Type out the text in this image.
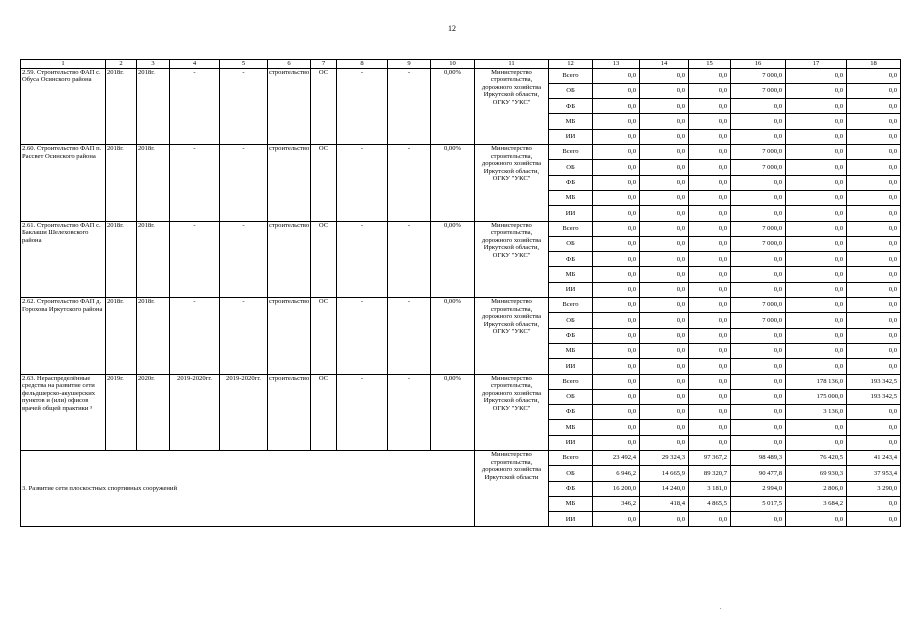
12
1	2	3	4	5	6	7	8	9	10	11	12	13	14	15	16	17	18
2.59. Строительство ФАП с. Обуса Осинского района	2018г.	2018г.	-	-	строительство	ОС	-	-	0,00%	Министерство строительства, дорожного хозяйства Иркутской области, ОГКУ "УКС"	Всего	0,0	0,0	0,0	7 000,0	0,0	0,0
											ОБ	0,0	0,0	0,0	7 000,0	0,0	0,0
											ФБ	0,0	0,0	0,0	0,0	0,0	0,0
											МБ	0,0	0,0	0,0	0,0	0,0	0,0
											ИИ	0,0	0,0	0,0	0,0	0,0	0,0
2.60. Строительство ФАП п. Рассвет Осинского района	2018г.	2018г.	-	-	строительство	ОС	-	-	0,00%	Министерство строительства, дорожного хозяйства Иркутской области, ОГКУ "УКС"	Всего	0,0	0,0	0,0	7 000,0	0,0	0,0
											ОБ	0,0	0,0	0,0	7 000,0	0,0	0,0
											ФБ	0,0	0,0	0,0	0,0	0,0	0,0
											МБ	0,0	0,0	0,0	0,0	0,0	0,0
											ИИ	0,0	0,0	0,0	0,0	0,0	0,0
2.61. Строительство ФАП с. Баклаши Шелеховского района	2018г.	2018г.	-	-	строительство	ОС	-	-	0,00%	Министерство строительства, дорожного хозяйства Иркутской области, ОГКУ "УКС"	Всего	0,0	0,0	0,0	7 000,0	0,0	0,0
											ОБ	0,0	0,0	0,0	7 000,0	0,0	0,0
											ФБ	0,0	0,0	0,0	0,0	0,0	0,0
											МБ	0,0	0,0	0,0	0,0	0,0	0,0
											ИИ	0,0	0,0	0,0	0,0	0,0	0,0
2.62. Строительство ФАП д. Горохова Иркутского района	2018г.	2018г.	-	-	строительство	ОС	-	-	0,00%	Министерство строительства, дорожного хозяйства Иркутской области, ОГКУ "УКС"	Всего	0,0	0,0	0,0	7 000,0	0,0	0,0
											ОБ	0,0	0,0	0,0	7 000,0	0,0	0,0
											ФБ	0,0	0,0	0,0	0,0	0,0	0,0
											МБ	0,0	0,0	0,0	0,0	0,0	0,0
											ИИ	0,0	0,0	0,0	0,0	0,0	0,0
2.63. Нераспределённые средства на развитие сети фельдшерско-акушерских пунктов и (или) офисов врачей общей практики ³	2019г.	2020г.	2019-2020гг.	2019-2020гг.	строительство	ОС	-	-	0,00%	Министерство строительства, дорожного хозяйства Иркутской области, ОГКУ "УКС"	Всего	0,0	0,0	0,0	0,0	178 136,0	193 342,5
											ОБ	0,0	0,0	0,0	0,0	175 000,0	193 342,5
											ФБ	0,0	0,0	0,0	0,0	3 136,0	0,0
											МБ	0,0	0,0	0,0	0,0	0,0	0,0
											ИИ	0,0	0,0	0,0	0,0	0,0	0,0
3. Развитие сети плоскостных спортивных сооружений										Министерство строительства, дорожного хозяйства Иркутской области	Всего	23 492,4	29 324,3	97 367,2	98 489,3	76 420,5	41 243,4
											ОБ	6 946,2	14 665,9	89 320,7	90 477,8	69 930,3	37 953,4
											ФБ	16 200,0	14 240,0	3 181,0	2 994,0	2 806,0	3 290,0
											МБ	346,2	418,4	4 865,5	5 017,5	3 684,2	0,0
											ИИ	0,0	0,0	0,0	0,0	0,0	0,0
.
